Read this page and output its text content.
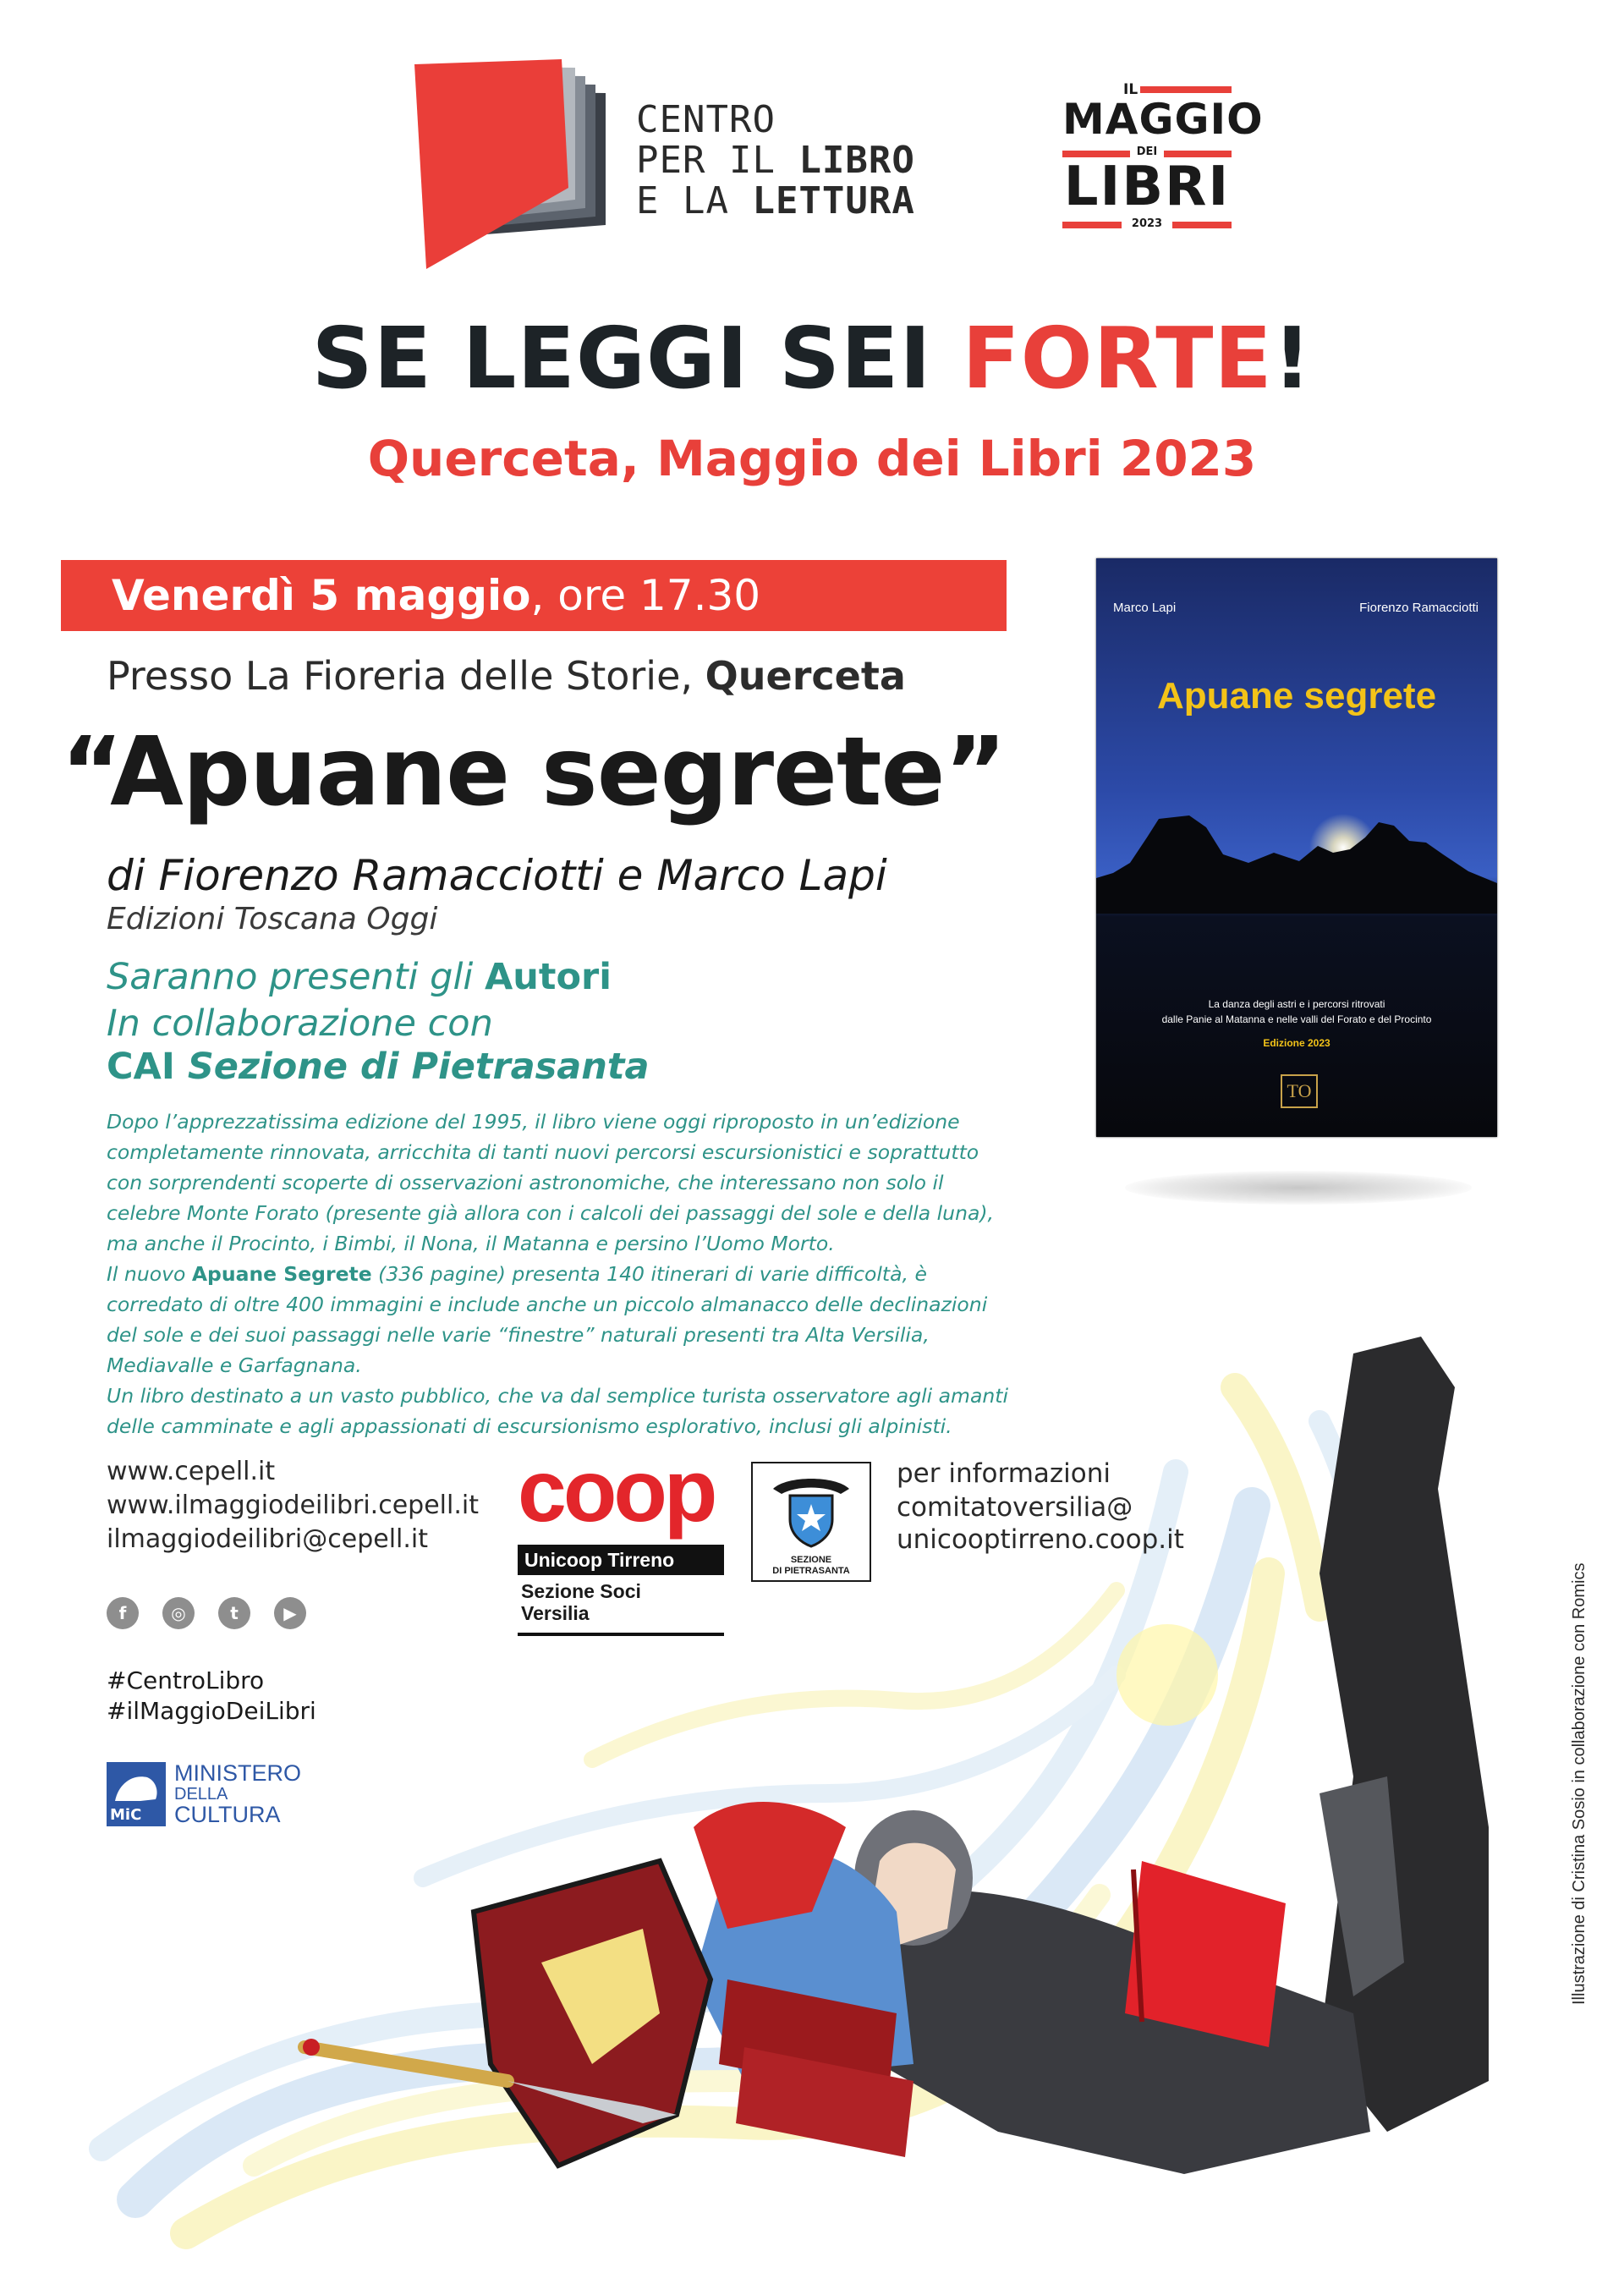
CENTRO
PER IL LIBRO
E LA LETTURA
IL
MAGGIO
DEI
LIBRI
2023
SE LEGGI SEI FORTE!
Querceta, Maggio dei Libri 2023
Venerdì 5 maggio, ore 17.30
Presso La Fioreria delle Storie, Querceta
“Apuane segrete”
di Fiorenzo Ramacciotti e Marco Lapi
Edizioni Toscana Oggi
Saranno presenti gli Autori
In collaborazione con
CAI Sezione di Pietrasanta

Dopo l’apprezzatissima edizione del 1995, il libro viene oggi riproposto in un’edizione completamente rinnovata, arricchita di tanti nuovi percorsi escursionistici e soprattutto con sorprendenti scoperte di osservazioni astronomiche, che interessano non solo il celebre Monte Forato (presente già allora con i calcoli dei passaggi del sole e della luna), ma anche il Procinto, i Bimbi, il Nona, il Matanna e persino l’Uomo Morto.

Il nuovo Apuane Segrete (336 pagine) presenta 140 itinerari di varie difficoltà, è corredato di oltre 400 immagini e include anche un piccolo almanacco delle declinazioni del sole e dei suoi passaggi nelle varie “finestre” naturali presenti tra Alta Versilia, Mediavalle e Garfagnana.

Un libro destinato a un vasto pubblico, che va dal semplice turista osservatore agli amanti delle camminate e agli appassionati di escursionismo esplorativo, inclusi gli alpinisti.

Marco Lapi	Fiorenzo Ramacciotti
Apuane segrete
La danza degli astri e i percorsi ritrovati
dalle Panie al Matanna e nelle valli del Forato e del Procinto
Edizione 2023
TO
www.cepell.it
www.ilmaggiodeilibri.cepell.it
ilmaggiodeilibri@cepell.it
f	◎	t	▶
#CentroLibro
#ilMaggioDeiLibri
MiC
MINISTERO
DELLA
CULTURA
coop
Unicoop Tirreno
Sezione Soci
Versilia
SEZIONE
DI PIETRASANTA
per informazioni
comitatoversilia@
unicooptirreno.coop.it
Illustrazione di Cristina Sosio in collaborazione con Romics
